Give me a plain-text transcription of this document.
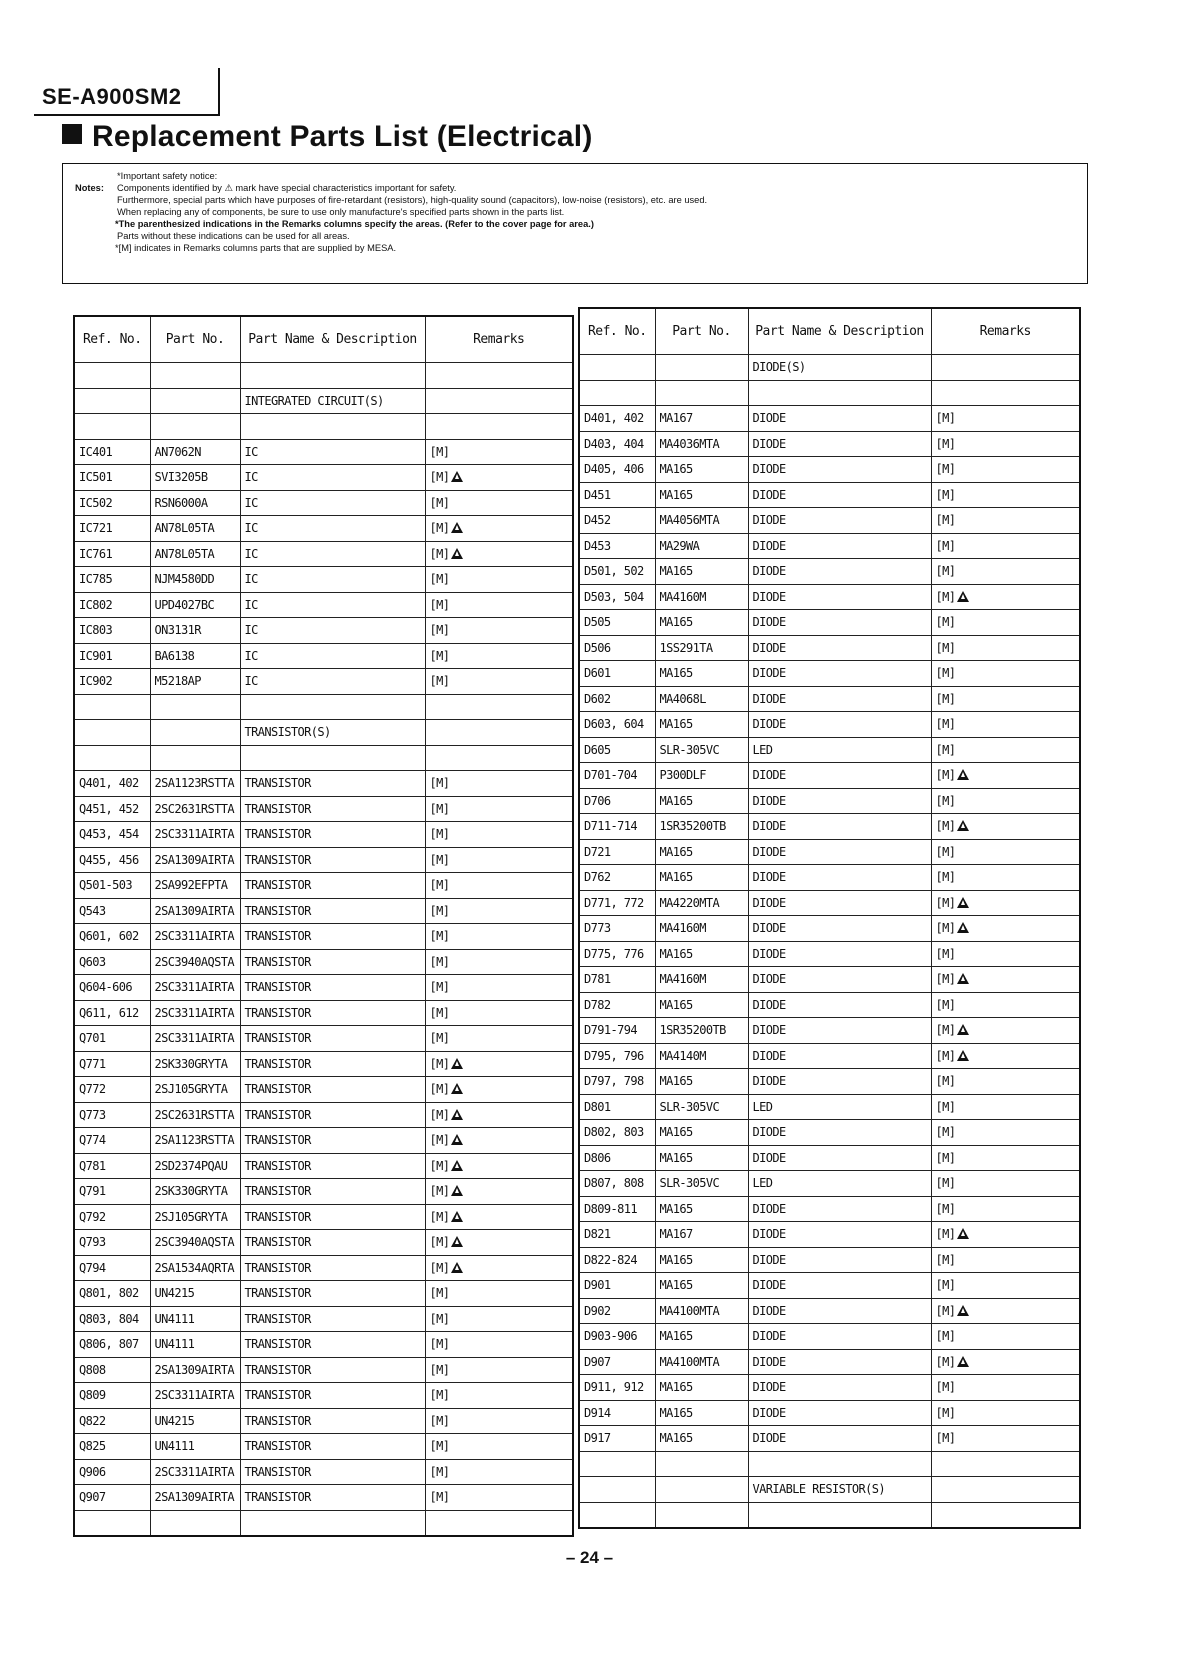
SE-A900SM2
Replacement Parts List (Electrical)
Notes:
*Important safety notice:
Components identified by ⚠ mark have special characteristics important for safety.
Furthermore, special parts which have purposes of fire-retardant (resistors), high-quality sound (capacitors), low-noise (resistors), etc. are used.
When replacing any of components, be sure to use only manufacture's specified parts shown in the parts list.
*The parenthesized indications in the Remarks columns specify the areas. (Refer to the cover page for area.)
Parts without these indications can be used for all areas.
*[M] indicates in Remarks columns parts that are supplied by MESA.
Ref. No.	Part No.	Part Name & Description	Remarks

		INTEGRATED CIRCUIT(S)	

IC401	AN7062N	IC	[M]
IC501	SVI3205B	IC	[M]
IC502	RSN6000A	IC	[M]
IC721	AN78L05TA	IC	[M]
IC761	AN78L05TA	IC	[M]
IC785	NJM4580DD	IC	[M]
IC802	UPD4027BC	IC	[M]
IC803	ON3131R	IC	[M]
IC901	BA6138	IC	[M]
IC902	M5218AP	IC	[M]

		TRANSISTOR(S)	

Q401, 402	2SA1123RSTTA	TRANSISTOR	[M]
Q451, 452	2SC2631RSTTA	TRANSISTOR	[M]
Q453, 454	2SC3311AIRTA	TRANSISTOR	[M]
Q455, 456	2SA1309AIRTA	TRANSISTOR	[M]
Q501-503	2SA992EFPTA	TRANSISTOR	[M]
Q543	2SA1309AIRTA	TRANSISTOR	[M]
Q601, 602	2SC3311AIRTA	TRANSISTOR	[M]
Q603	2SC3940AQSTA	TRANSISTOR	[M]
Q604-606	2SC3311AIRTA	TRANSISTOR	[M]
Q611, 612	2SC3311AIRTA	TRANSISTOR	[M]
Q701	2SC3311AIRTA	TRANSISTOR	[M]
Q771	2SK330GRYTA	TRANSISTOR	[M]
Q772	2SJ105GRYTA	TRANSISTOR	[M]
Q773	2SC2631RSTTA	TRANSISTOR	[M]
Q774	2SA1123RSTTA	TRANSISTOR	[M]
Q781	2SD2374PQAU	TRANSISTOR	[M]
Q791	2SK330GRYTA	TRANSISTOR	[M]
Q792	2SJ105GRYTA	TRANSISTOR	[M]
Q793	2SC3940AQSTA	TRANSISTOR	[M]
Q794	2SA1534AQRTA	TRANSISTOR	[M]
Q801, 802	UN4215	TRANSISTOR	[M]
Q803, 804	UN4111	TRANSISTOR	[M]
Q806, 807	UN4111	TRANSISTOR	[M]
Q808	2SA1309AIRTA	TRANSISTOR	[M]
Q809	2SC3311AIRTA	TRANSISTOR	[M]
Q822	UN4215	TRANSISTOR	[M]
Q825	UN4111	TRANSISTOR	[M]
Q906	2SC3311AIRTA	TRANSISTOR	[M]
Q907	2SA1309AIRTA	TRANSISTOR	[M]

Ref. No.	Part No.	Part Name & Description	Remarks
		DIODE(S)	

D401, 402	MA167	DIODE	[M]
D403, 404	MA4036MTA	DIODE	[M]
D405, 406	MA165	DIODE	[M]
D451	MA165	DIODE	[M]
D452	MA4056MTA	DIODE	[M]
D453	MA29WA	DIODE	[M]
D501, 502	MA165	DIODE	[M]
D503, 504	MA4160M	DIODE	[M]
D505	MA165	DIODE	[M]
D506	1SS291TA	DIODE	[M]
D601	MA165	DIODE	[M]
D602	MA4068L	DIODE	[M]
D603, 604	MA165	DIODE	[M]
D605	SLR-305VC	LED	[M]
D701-704	P300DLF	DIODE	[M]
D706	MA165	DIODE	[M]
D711-714	1SR35200TB	DIODE	[M]
D721	MA165	DIODE	[M]
D762	MA165	DIODE	[M]
D771, 772	MA4220MTA	DIODE	[M]
D773	MA4160M	DIODE	[M]
D775, 776	MA165	DIODE	[M]
D781	MA4160M	DIODE	[M]
D782	MA165	DIODE	[M]
D791-794	1SR35200TB	DIODE	[M]
D795, 796	MA4140M	DIODE	[M]
D797, 798	MA165	DIODE	[M]
D801	SLR-305VC	LED	[M]
D802, 803	MA165	DIODE	[M]
D806	MA165	DIODE	[M]
D807, 808	SLR-305VC	LED	[M]
D809-811	MA165	DIODE	[M]
D821	MA167	DIODE	[M]
D822-824	MA165	DIODE	[M]
D901	MA165	DIODE	[M]
D902	MA4100MTA	DIODE	[M]
D903-906	MA165	DIODE	[M]
D907	MA4100MTA	DIODE	[M]
D911, 912	MA165	DIODE	[M]
D914	MA165	DIODE	[M]
D917	MA165	DIODE	[M]

		VARIABLE RESISTOR(S)	

– 24 –
